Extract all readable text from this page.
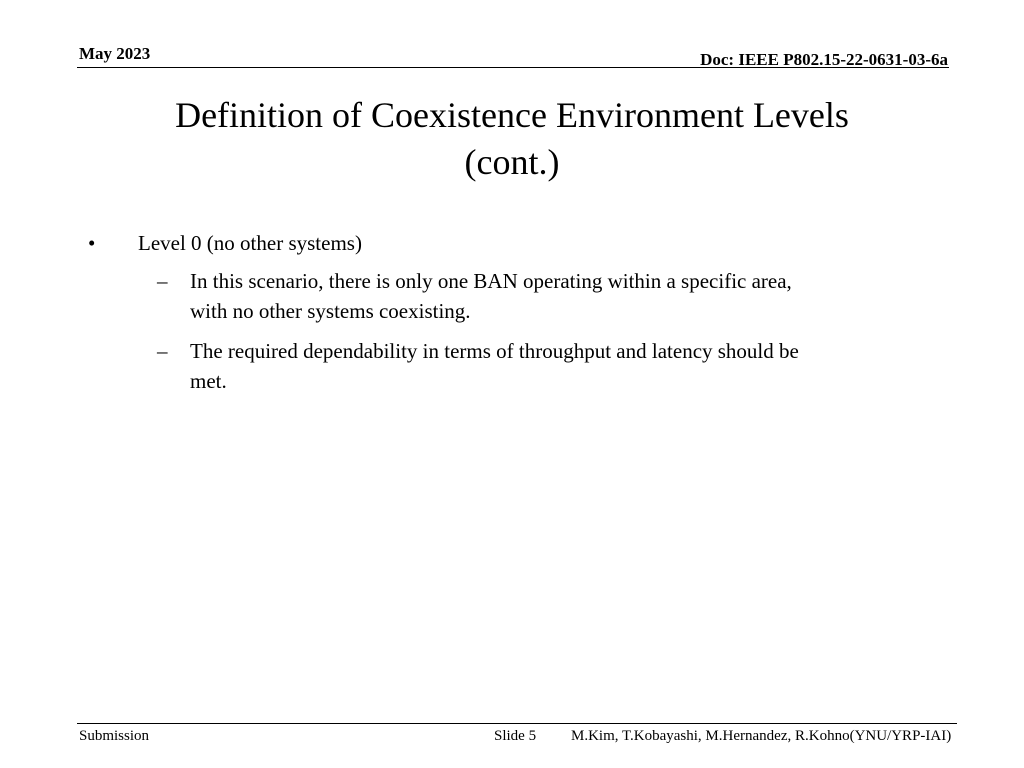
May 2023	Doc: IEEE P802.15-22-0631-03-6a
Definition of Coexistence Environment Levels
(cont.)
• Level 0 (no other systems)
– In this scenario, there is only one BAN operating within a specific area,
with no other systems coexisting.
– The required dependability in terms of throughput and latency should be
met.
Submission	Slide 5 M.Kim, T.Kobayashi, M.Hernandez, R.Kohno(YNU/YRP-IAI)
